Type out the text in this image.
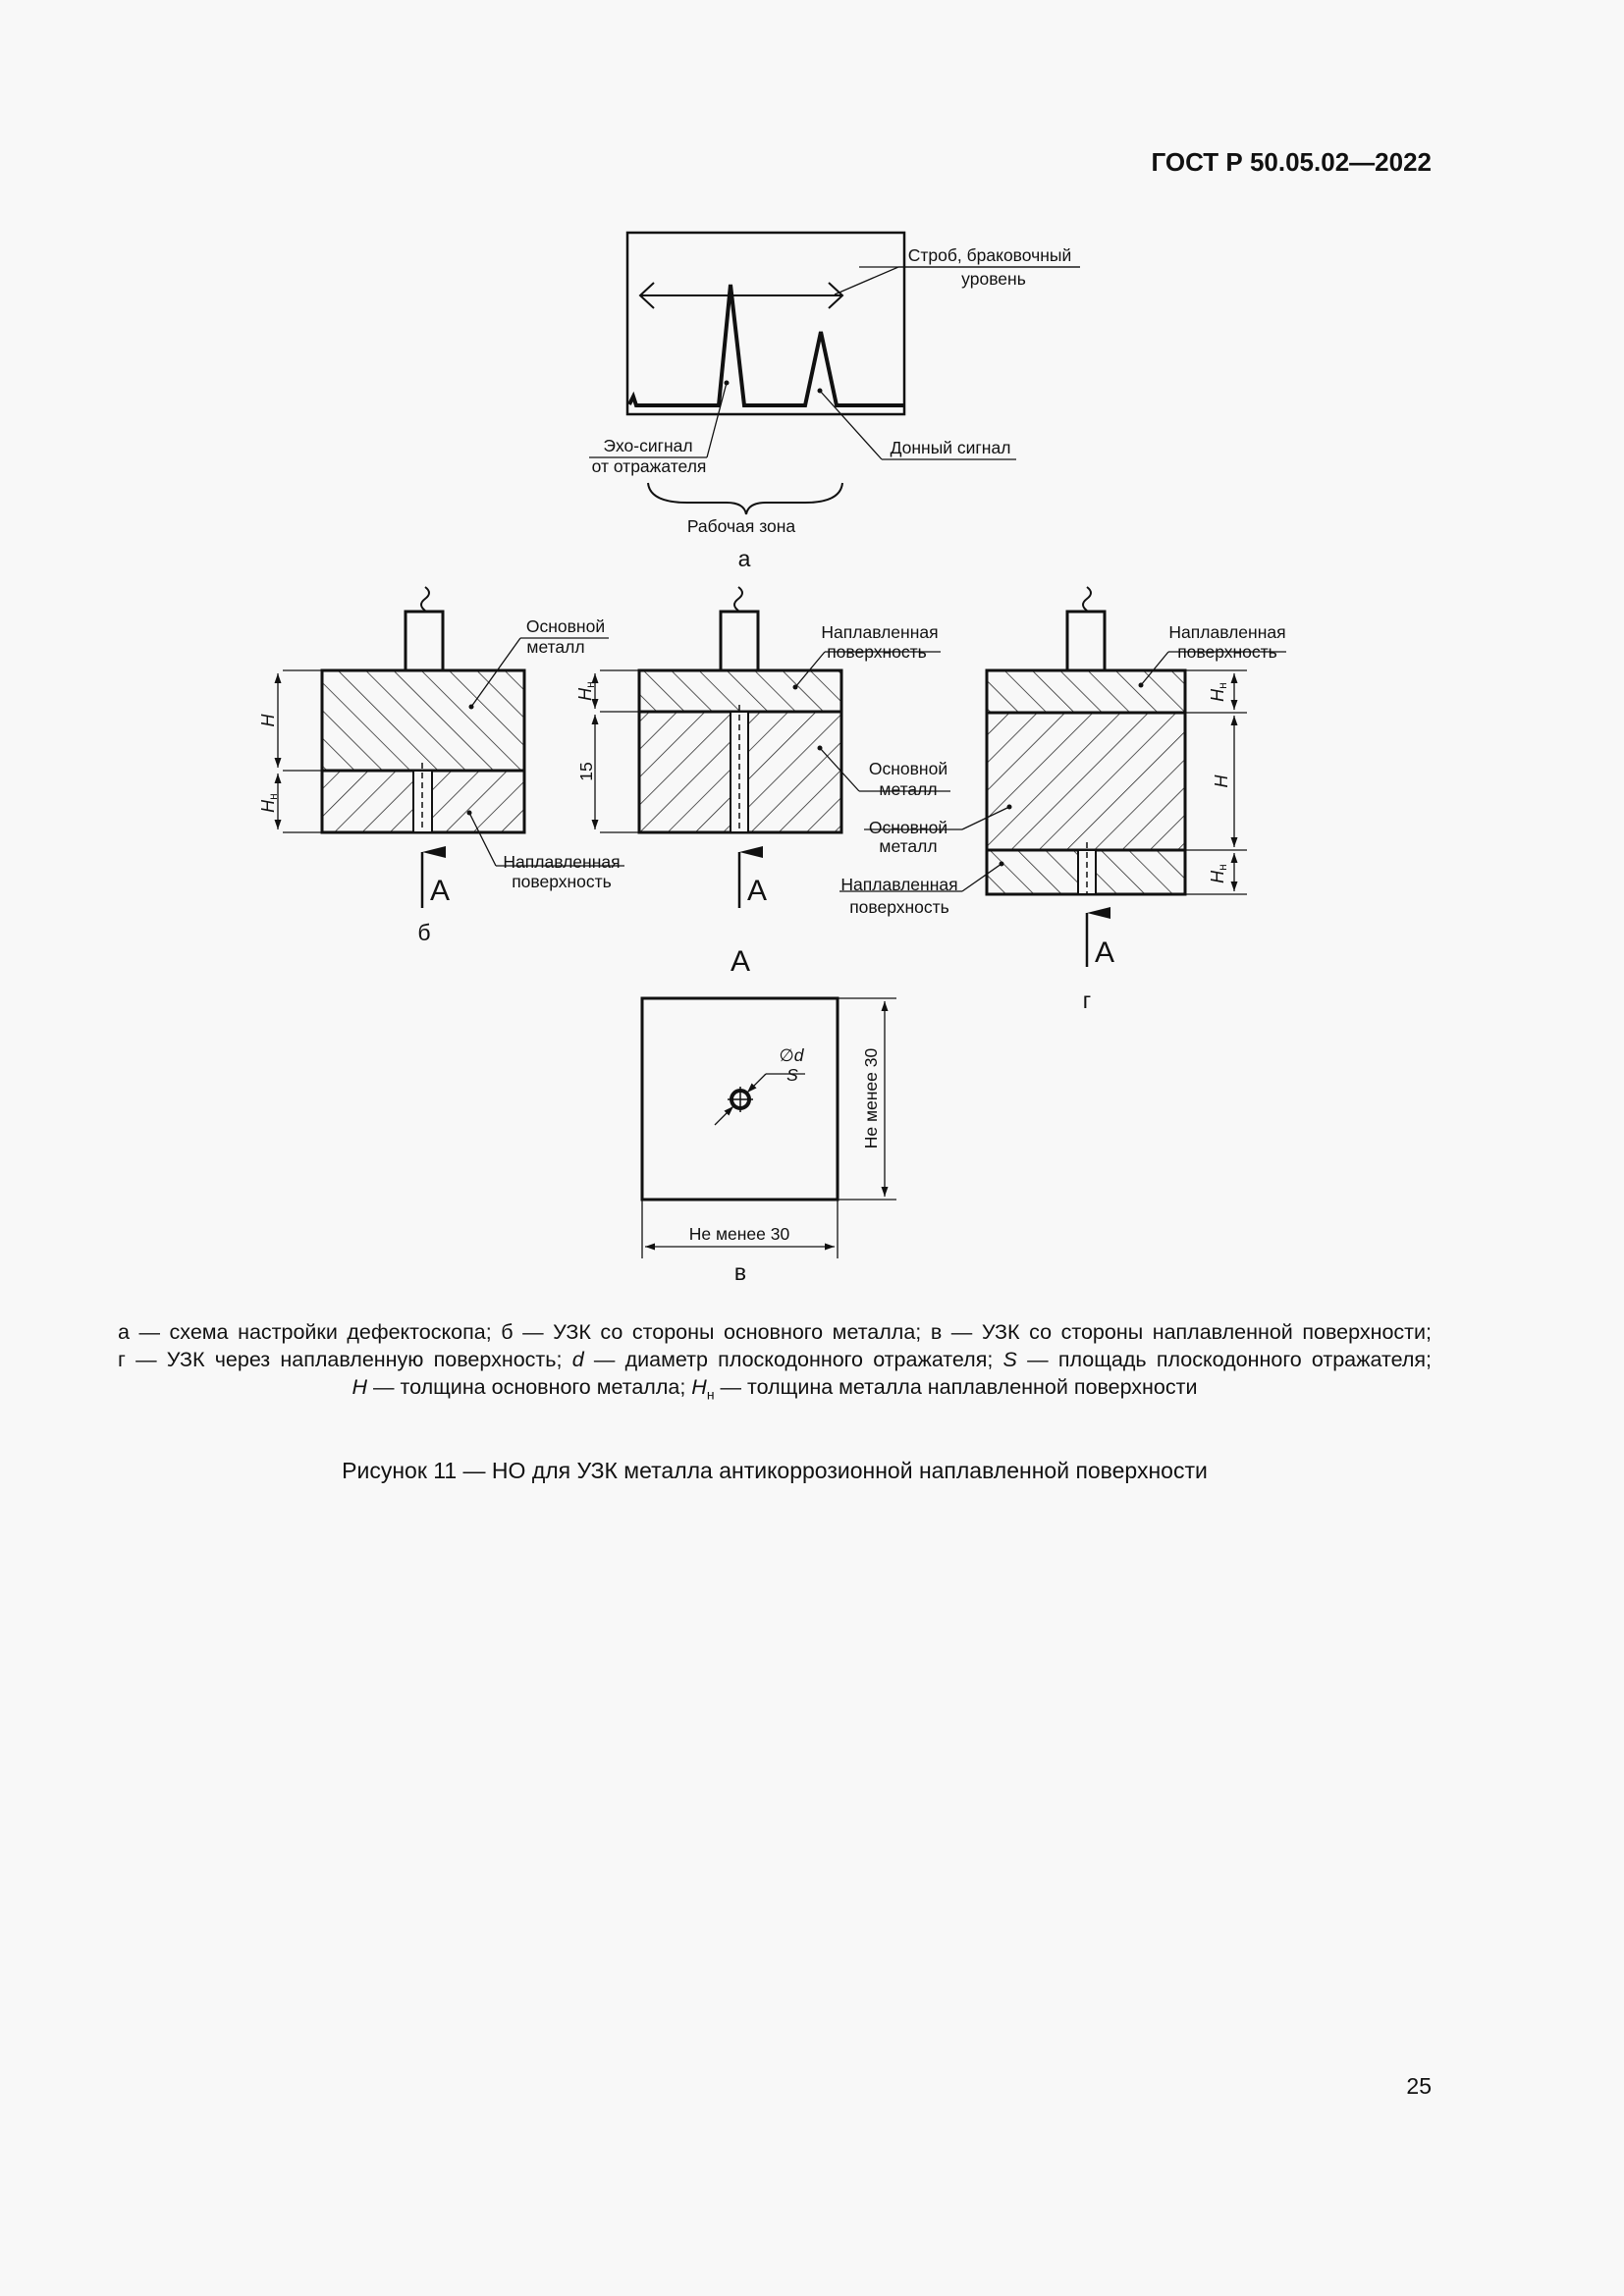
ГОСТ Р 50.05.02—2022
Строб, браковочный
уровень
Эхо-сигнал
от отражателя
Донный сигнал
Рабочая зона
а
H
Hн
Основной
металл
Наплавленная
поверхность
A
б
Hн
15
Наплавленная
поверхность
Основной
металл
A
Hн
H
Hн
Наплавленная
поверхность
Основной
металл
Наплавленная
поверхность
A
г
A
∅d
S
Не менее 30
Не менее 30
в
а — схема настройки дефектоскопа; б — УЗК со стороны основного металла; в — УЗК со стороны наплавленной поверхности;
г — УЗК через наплавленную поверхность; d — диаметр плоскодонного отражателя; S — площадь плоскодонного отражателя;
H — толщина основного металла; $H_н$ — толщина металла наплавленной поверхности
Рисунок 11 — НО для УЗК металла антикоррозионной наплавленной поверхности
25
